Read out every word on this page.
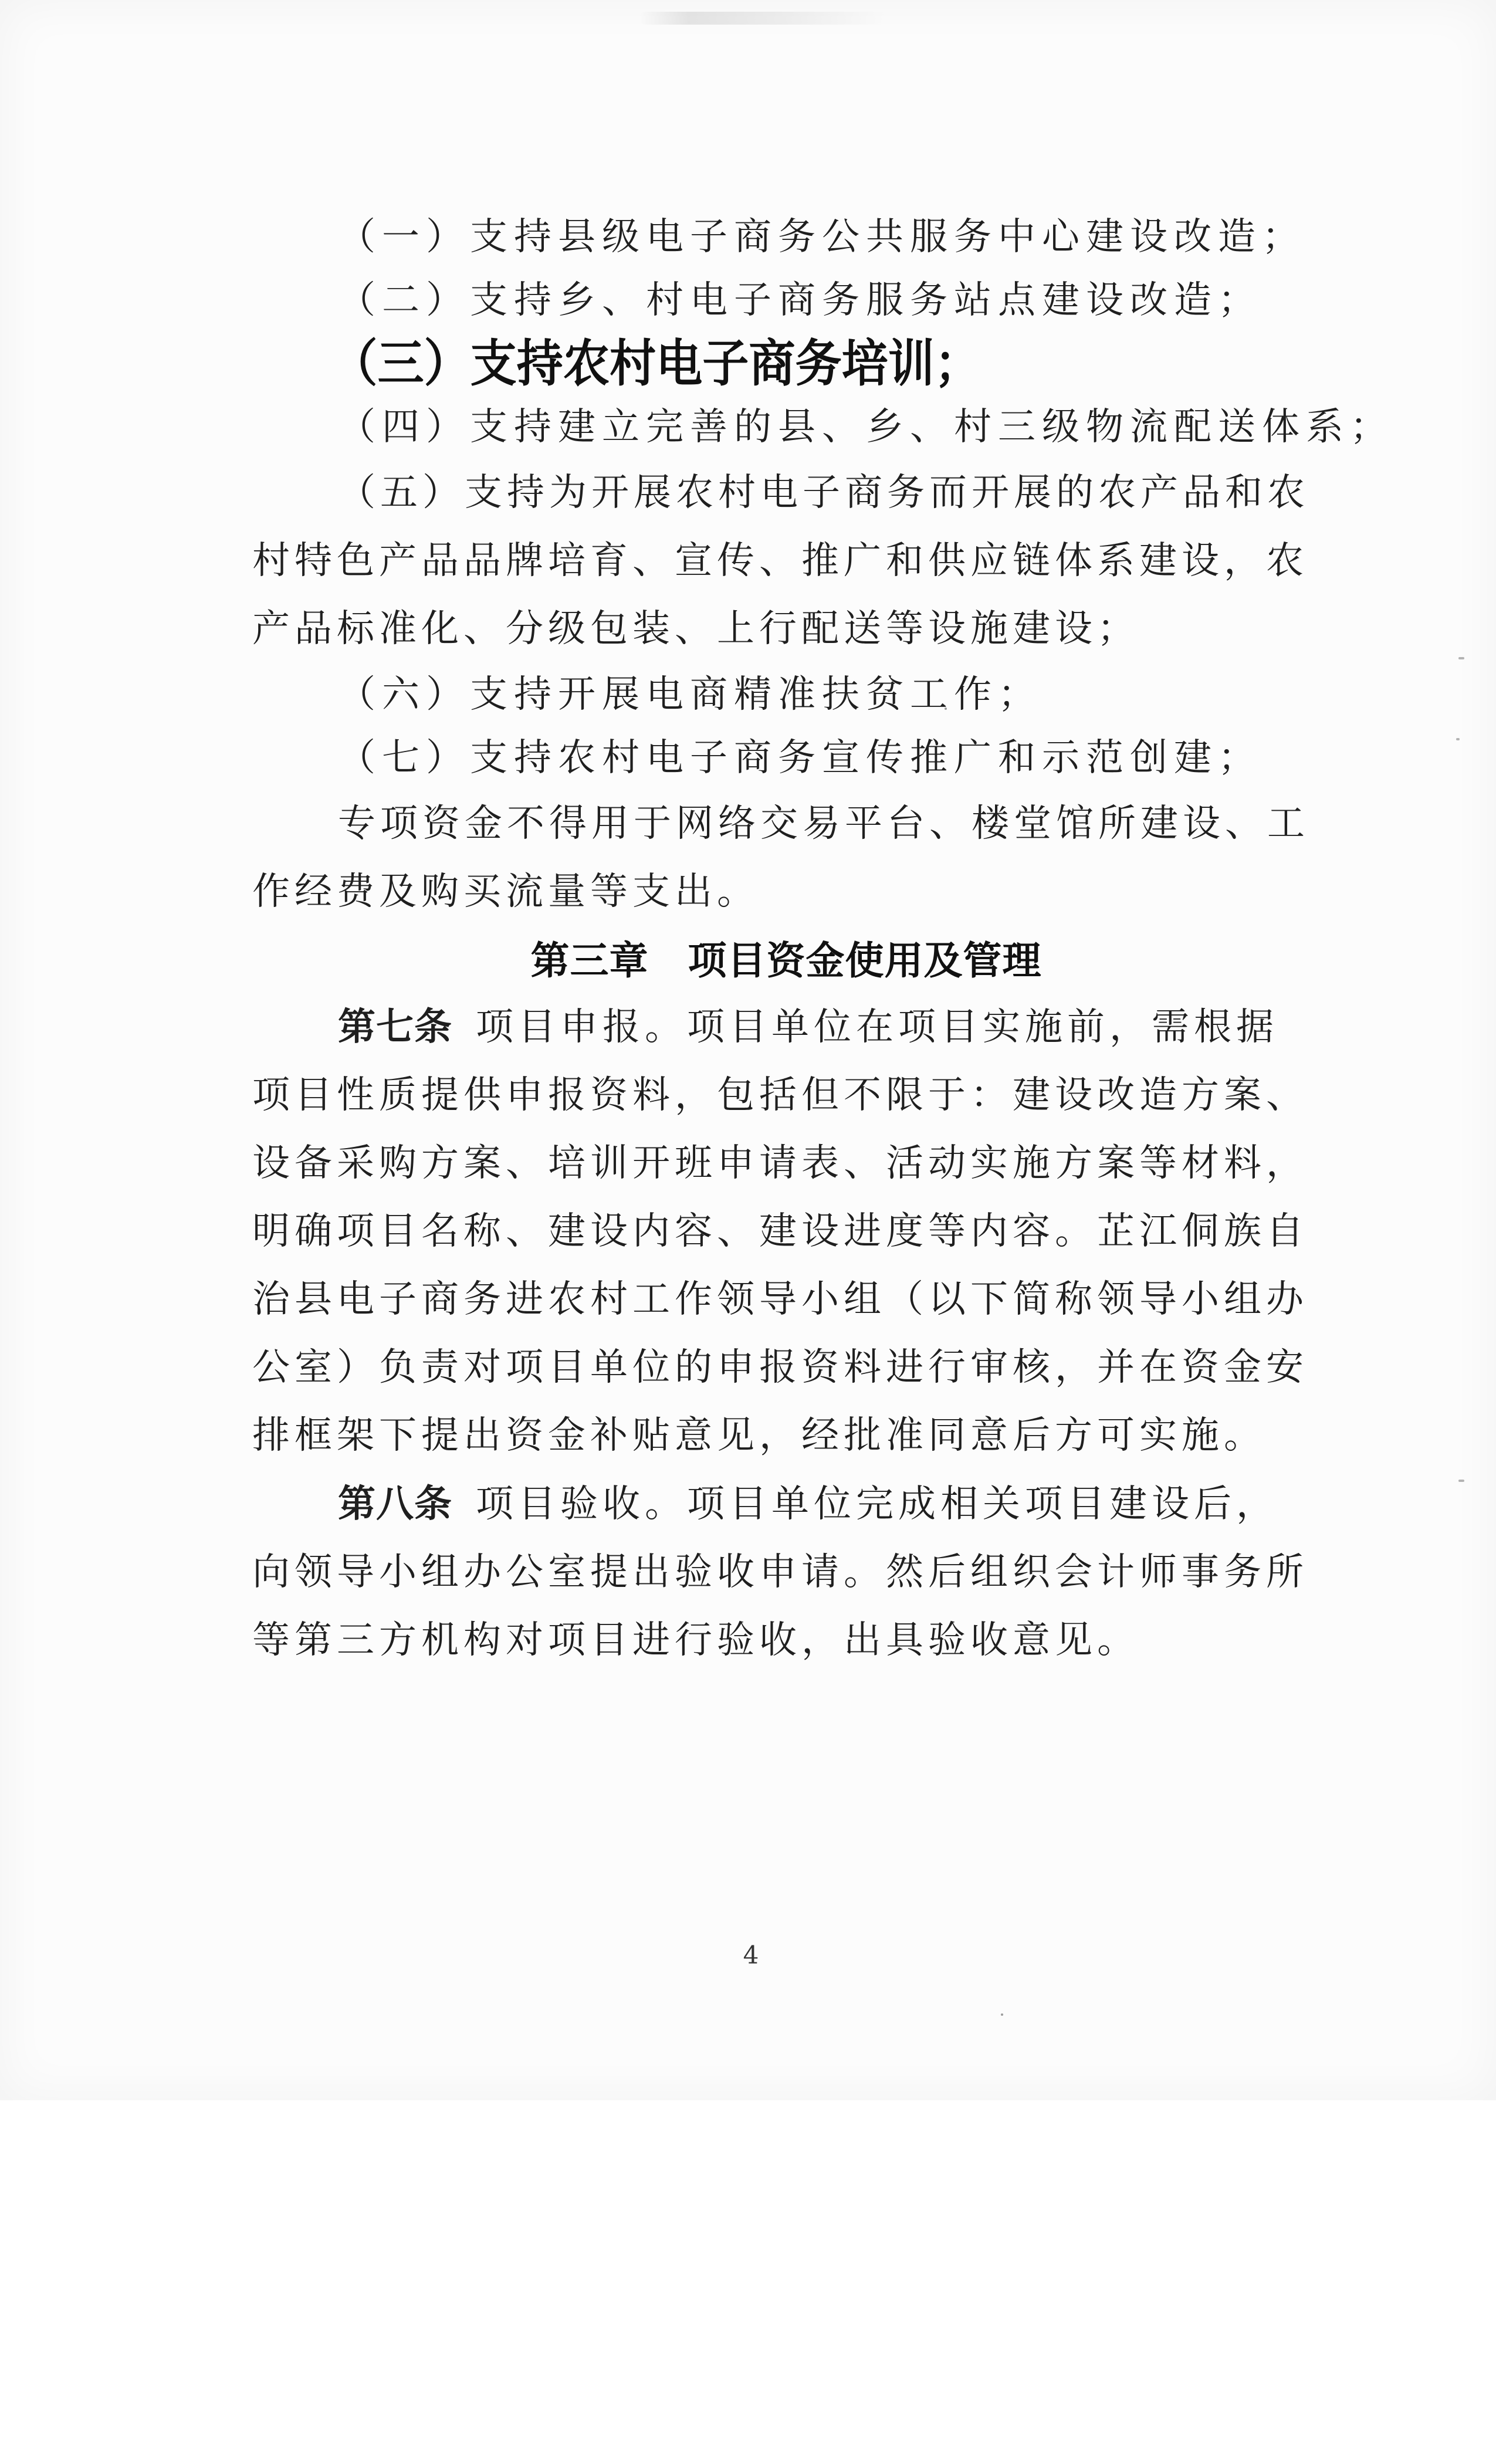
（一）支持县级电子商务公共服务中心建设改造；
（二）支持乡、村电子商务服务站点建设改造；
（三）支持农村电子商务培训；
（四）支持建立完善的县、乡、村三级物流配送体系；
（五）支持为开展农村电子商务而开展的农产品和农村特色产品品牌培育、宣传、推广和供应链体系建设，农产品标准化、分级包装、上行配送等设施建设；
（六）支持开展电商精准扶贫工作；
（七）支持农村电子商务宣传推广和示范创建；
专项资金不得用于网络交易平台、楼堂馆所建设、工作经费及购买流量等支出。
第三章　项目资金使用及管理
第七条 项目申报。项目单位在项目实施前，需根据项目性质提供申报资料，包括但不限于：建设改造方案、设备采购方案、培训开班申请表、活动实施方案等材料，明确项目名称、建设内容、建设进度等内容。芷江侗族自治县电子商务进农村工作领导小组（以下简称领导小组办公室）负责对项目单位的申报资料进行审核，并在资金安排框架下提出资金补贴意见，经批准同意后方可实施。
第八条 项目验收。项目单位完成相关项目建设后，向领导小组办公室提出验收申请。然后组织会计师事务所等第三方机构对项目进行验收，出具验收意见。
4
